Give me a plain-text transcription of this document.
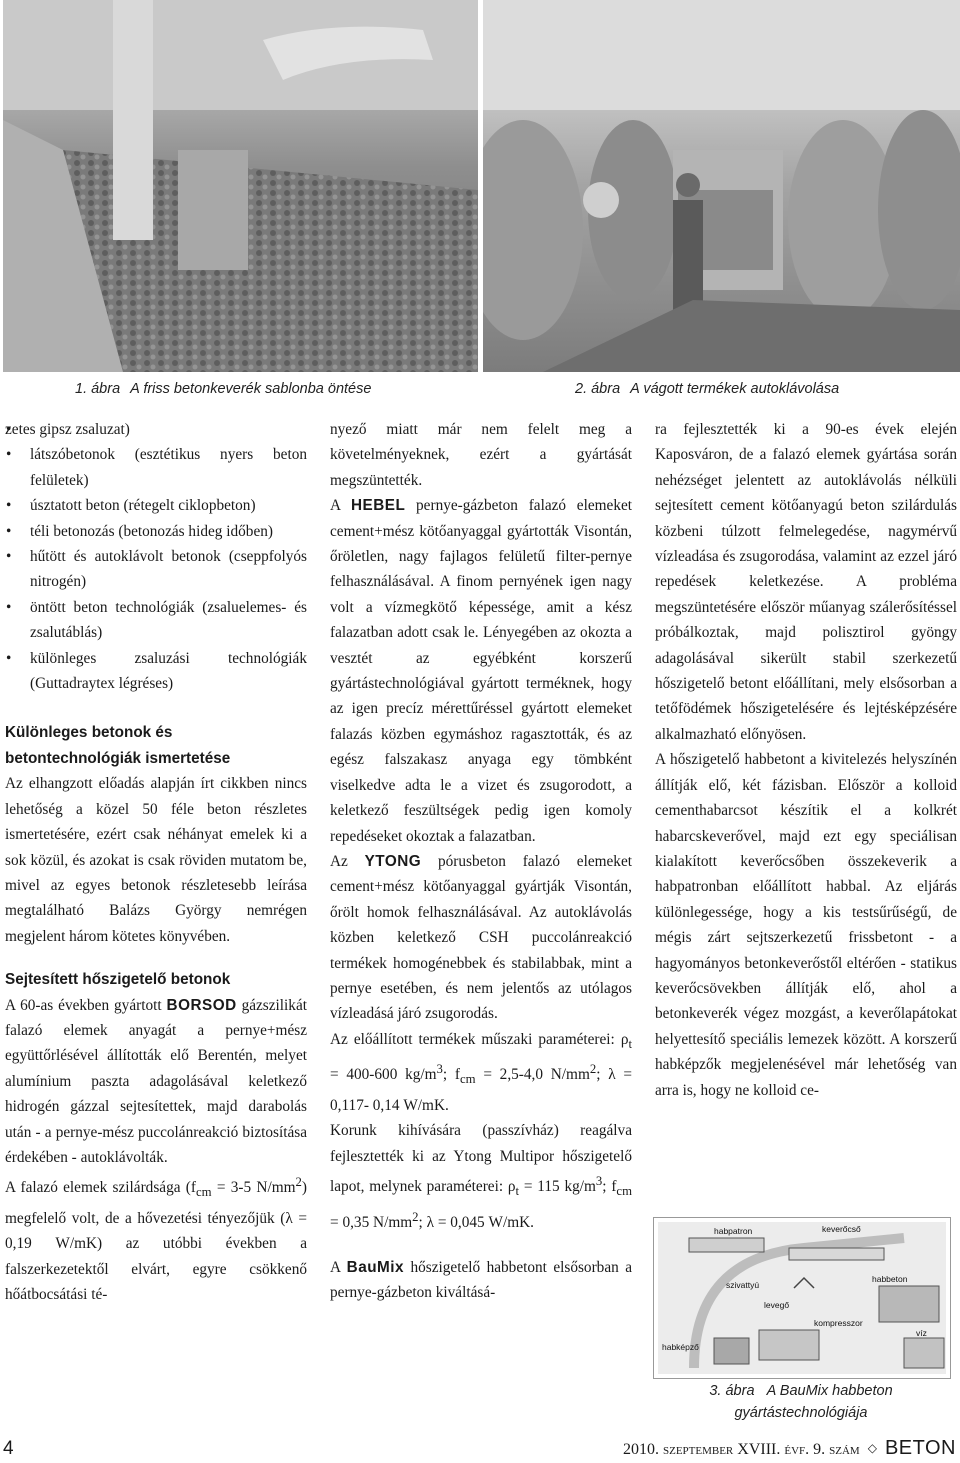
1. ábra A friss betonkeverék sablonba öntése	2. ábra A vágott termékek autoklávolása
• zetes gipsz zsaluzat)
• látszóbetonok (esztétikus nyers beton felületek)
• úsztatott beton (rétegelt ciklopbeton)
• téli betonozás (betonozás hideg időben)
• hűtött és autoklávolt betonok (cseppfolyós nitrogén)
• öntött beton technológiák (zsaluelemes- és zsalutáblás)
• különleges zsaluzási technológiák (Guttadraytex légréses)

Különleges betonok és betontechnológiák ismertetése

Az elhangzott előadás alapján írt cikkben nincs lehetőség a közel 50 féle beton részletes ismertetésére, ezért csak néhányat emelek ki a sok közül, és azokat is csak röviden mutatom be, mivel az egyes betonok részletesebb leírása megtalálható Balázs György nemrégen megjelent három kötetes könyvében.

Sejtesített hőszigetelő betonok

A 60-as években gyártott BORSOD gázszilikát falazó elemek anyagát a pernye+mész együttőrlésével állították elő Berentén, melyet alumínium paszta adagolásával keletkező hidrogén gázzal sejtesítettek, majd darabolás után - a pernye-mész puccolánreakció biztosítása érdekében - autoklávolták.

A falazó elemek szilárdsága ($f_{cm} = 3-5$ $N/mm^2$) megfelelő volt, de a hővezetési tényezőjük (λ = 0,19 W/mK) az utóbbi években a falszerkezetektől elvárt, egyre csökkenő hőátbocsátási té-

nyező miatt már nem felelt meg a követelményeknek, ezért a gyártását megszüntették.

A HEBEL pernye-gázbeton falazó elemeket cement+mész kötőanyaggal gyártották Visontán, őröletlen, nagy fajlagos felületű filter-pernye felhasználásával. A finom pernyének igen nagy volt a vízmegkötő képessége, amit a kész falazatban adott csak le. Lényegében az okozta a vesztét az egyébként korszerű gyártástechnológiával gyártott terméknek, hogy az igen precíz mérettűréssel gyártott elemeket falazás közben egymáshoz ragasztották, és az egész falszakasz anyaga egy tömbként viselkedve adta le a vizet és zsugorodott, a keletkező feszültségek pedig igen komoly repedéseket okoztak a falazatban.

Az YTONG pórusbeton falazó elemeket cement+mész kötőanyaggal gyártják Visontán, őrölt homok felhasználásával. Az autoklávolás közben keletkező CSH puccolánreakció termékek homogénebbek és stabilabbak, mint a pernye esetében, és nem jelentős az utólagos vízleadásá járó zsugorodás.

Az előállított termékek műszaki paraméterei: $\rho_t = 400-600$ $kg/m^3$; $f_{cm} = 2,5-4,0$ $N/mm^2$; λ = 0,117- 0,14 W/mK.

Korunk kihívására (passzívház) reagálva fejlesztették ki az Ytong Multipor hőszigetelő lapot, melynek paraméterei: $\rho_t = 115$ $kg/m^3$; $f_{cm} = 0,35$ $N/mm^2$; λ = 0,045 W/mK.

A BauMix hőszigetelő habbetont elsősorban a pernye-gázbeton kiváltásá-

ra fejlesztették ki a 90-es évek elején Kaposváron, de a falazó elemek gyártása során nehézséget jelentett az autoklávolás nélküli sejtesített cement kötőanyagú beton szilárdulás közbeni túlzott felmelegedése, nagymérvű vízleadása és zsugorodása, valamint az ezzel járó repedések keletkezése. A probléma megszüntetésére először műanyag szálerősítéssel próbálkoztak, majd polisztirol gyöngy adagolásával sikerült stabil szerkezetű hőszigetelő betont előállítani, mely elsősorban a tetőfödémek hőszigetelésére és lejtésképzésére alkalmazható előnyösen.

A hőszigetelő habbetont a kivitelezés helyszínén állítják elő, két fázisban. Először a kolloid cementhabarcsot készítik el a kolkrét habarcskeverővel, majd ezt egy speciálisan kialakított keverőcsőben összekeverik a habpatronban előállított habbal. Az eljárás különlegessége, hogy a kis testsűrűségű, de mégis zárt sejtszerkezetű frissbetont - a hagyományos betonkeverőstől eltérően - statikus keverőcsövekben állítják elő, ahol a betonkeverék végez mozgást, a keverőlapátokat helyettesítő speciális lemezek között. A korszerű habképzők megjelenésével már lehetőség van arra is, hogy ne kolloid ce-

habpatron	keverőcső
habbeton
levegő
kompresszor
szivattyú
habképző
víz
3. ábra A BauMix habbeton
gyártástechnológiája
4	2010. szeptember XVIII. évf. 9. szám ◇ BETON
